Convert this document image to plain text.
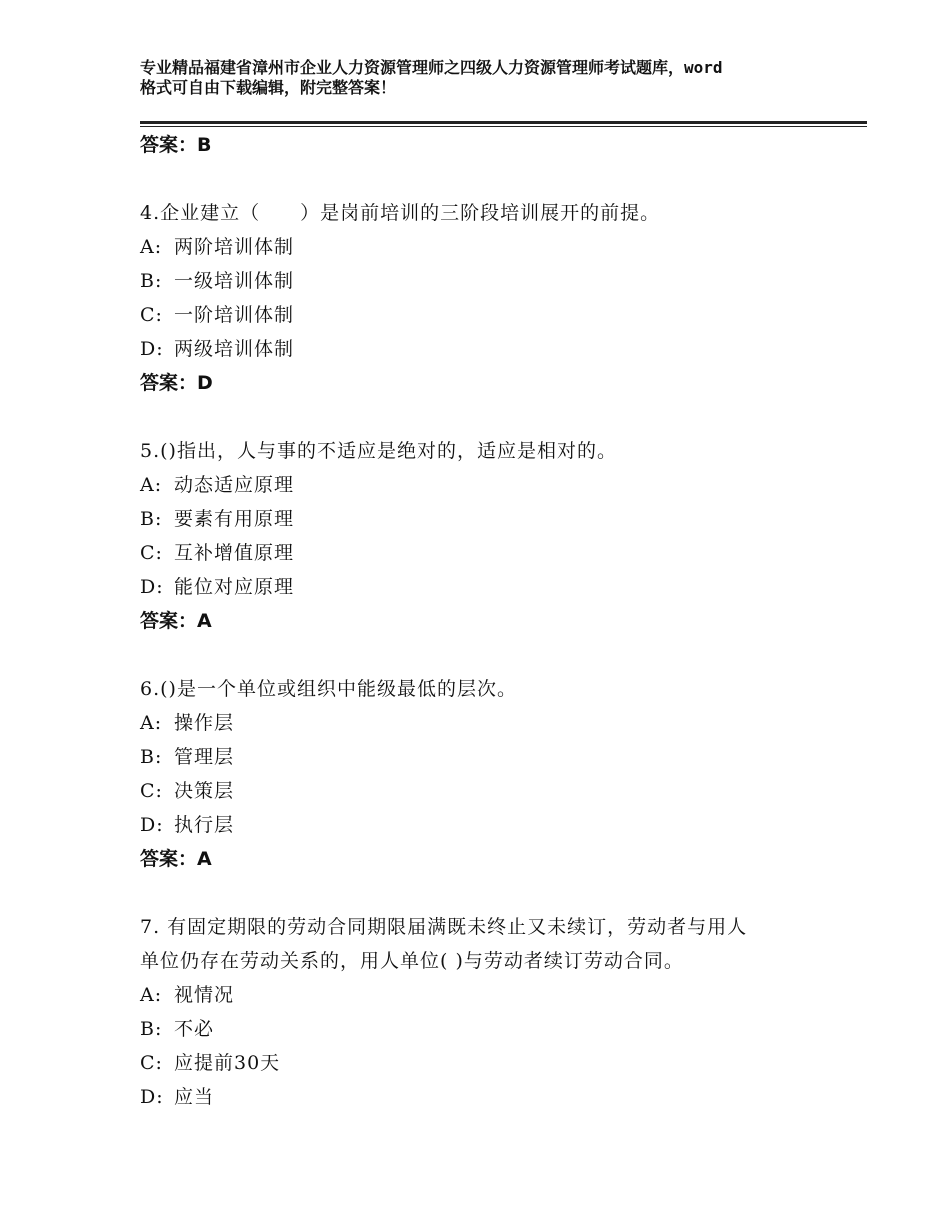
专业精品福建省漳州市企业人力资源管理师之四级人力资源管理师考试题库，word
格式可自由下载编辑，附完整答案！
答案：B
4.企业建立（　　）是岗前培训的三阶段培训展开的前提。
A: 两阶培训体制
B: 一级培训体制
C: 一阶培训体制
D: 两级培训体制
答案：D
5.()指出，人与事的不适应是绝对的，适应是相对的。
A: 动态适应原理
B: 要素有用原理
C: 互补增值原理
D: 能位对应原理
答案：A
6.()是一个单位或组织中能级最低的层次。
A: 操作层
B: 管理层
C: 决策层
D: 执行层
答案：A
7. 有固定期限的劳动合同期限届满既未终止又未续订，劳动者与用人
单位仍存在劳动关系的，用人单位( )与劳动者续订劳动合同。
A: 视情况
B: 不必
C: 应提前30天
D: 应当
